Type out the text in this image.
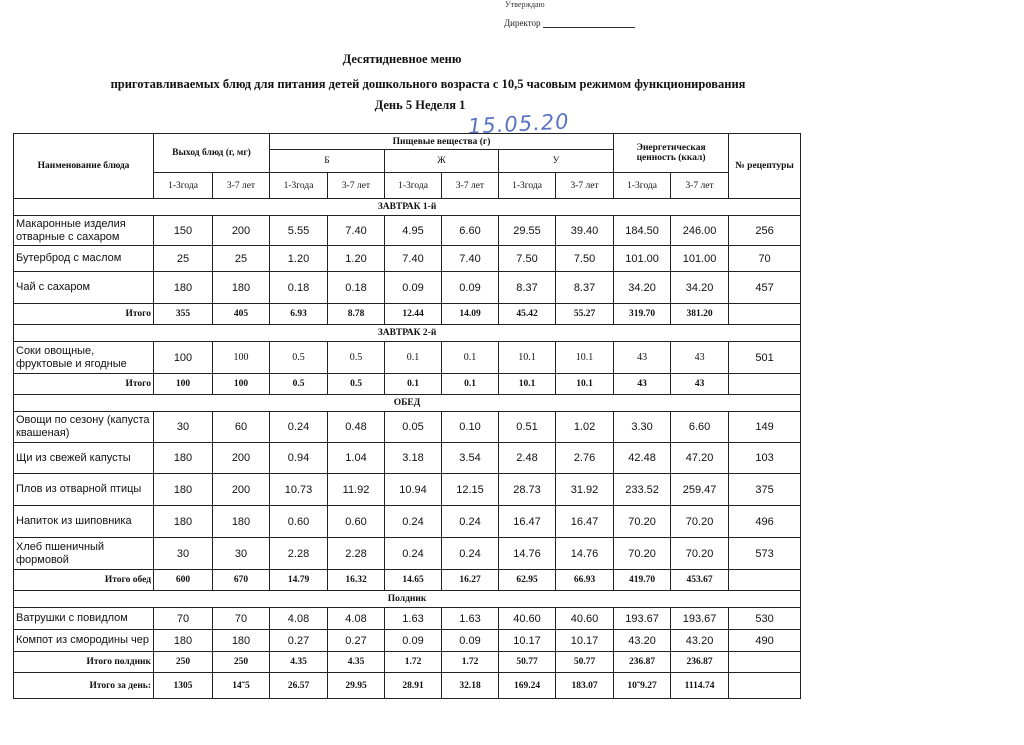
Утверждаю
Директор
Десятидневное меню
приготавливаемых блюд для питания детей дошкольного возраста с 10,5 часовым режимом функционирования
День 5 Неделя 1
15.05.20
Наименование блюда	Выход блюд (г, мг)		Пищевые вещества (г)						Энергетическая ценность (ккал)		№ рецептуры
			Б		Ж		У				
	1-3года	3-7 лет	1-3года	3-7 лет	1-3года	3-7 лет	1-3года	3-7 лет	1-3года	3-7 лет	
ЗАВТРАК 1-й											
Макаронные изделия отварные с сахаром	150	200	5.55	7.40	4.95	6.60	29.55	39.40	184.50	246.00	256
Бутерброд с маслом	25	25	1.20	1.20	7.40	7.40	7.50	7.50	101.00	101.00	70
Чай с сахаром	180	180	0.18	0.18	0.09	0.09	8.37	8.37	34.20	34.20	457
Итого	355	405	6.93	8.78	12.44	14.09	45.42	55.27	319.70	381.20	
ЗАВТРАК 2-й											
Соки овощные, фруктовые и ягодные	100	100	0.5	0.5	0.1	0.1	10.1	10.1	43	43	501
Итого	100	100	0.5	0.5	0.1	0.1	10.1	10.1	43	43	
ОБЕД											
Овощи по сезону (капуста квашеная)	30	60	0.24	0.48	0.05	0.10	0.51	1.02	3.30	6.60	149
Щи из свежей капусты	180	200	0.94	1.04	3.18	3.54	2.48	2.76	42.48	47.20	103
Плов из отварной птицы	180	200	10.73	11.92	10.94	12.15	28.73	31.92	233.52	259.47	375
Напиток из шиповника	180	180	0.60	0.60	0.24	0.24	16.47	16.47	70.20	70.20	496
Хлеб пшеничный формовой	30	30	2.28	2.28	0.24	0.24	14.76	14.76	70.20	70.20	573
Итого обед	600	670	14.79	16.32	14.65	16.27	62.95	66.93	419.70	453.67	
Полдник											
Ватрушки с повидлом	70	70	4.08	4.08	1.63	1.63	40.60	40.60	193.67	193.67	530
Компот из смородины чер	180	180	0.27	0.27	0.09	0.09	10.17	10.17	43.20	43.20	490
Итого полдник	250	250	4.35	4.35	1.72	1.72	50.77	50.77	236.87	236.87	
Итого за день:	1305	14˜5	26.57	29.95	28.91	32.18	169.24	183.07	10˜9.27	1114.74	
